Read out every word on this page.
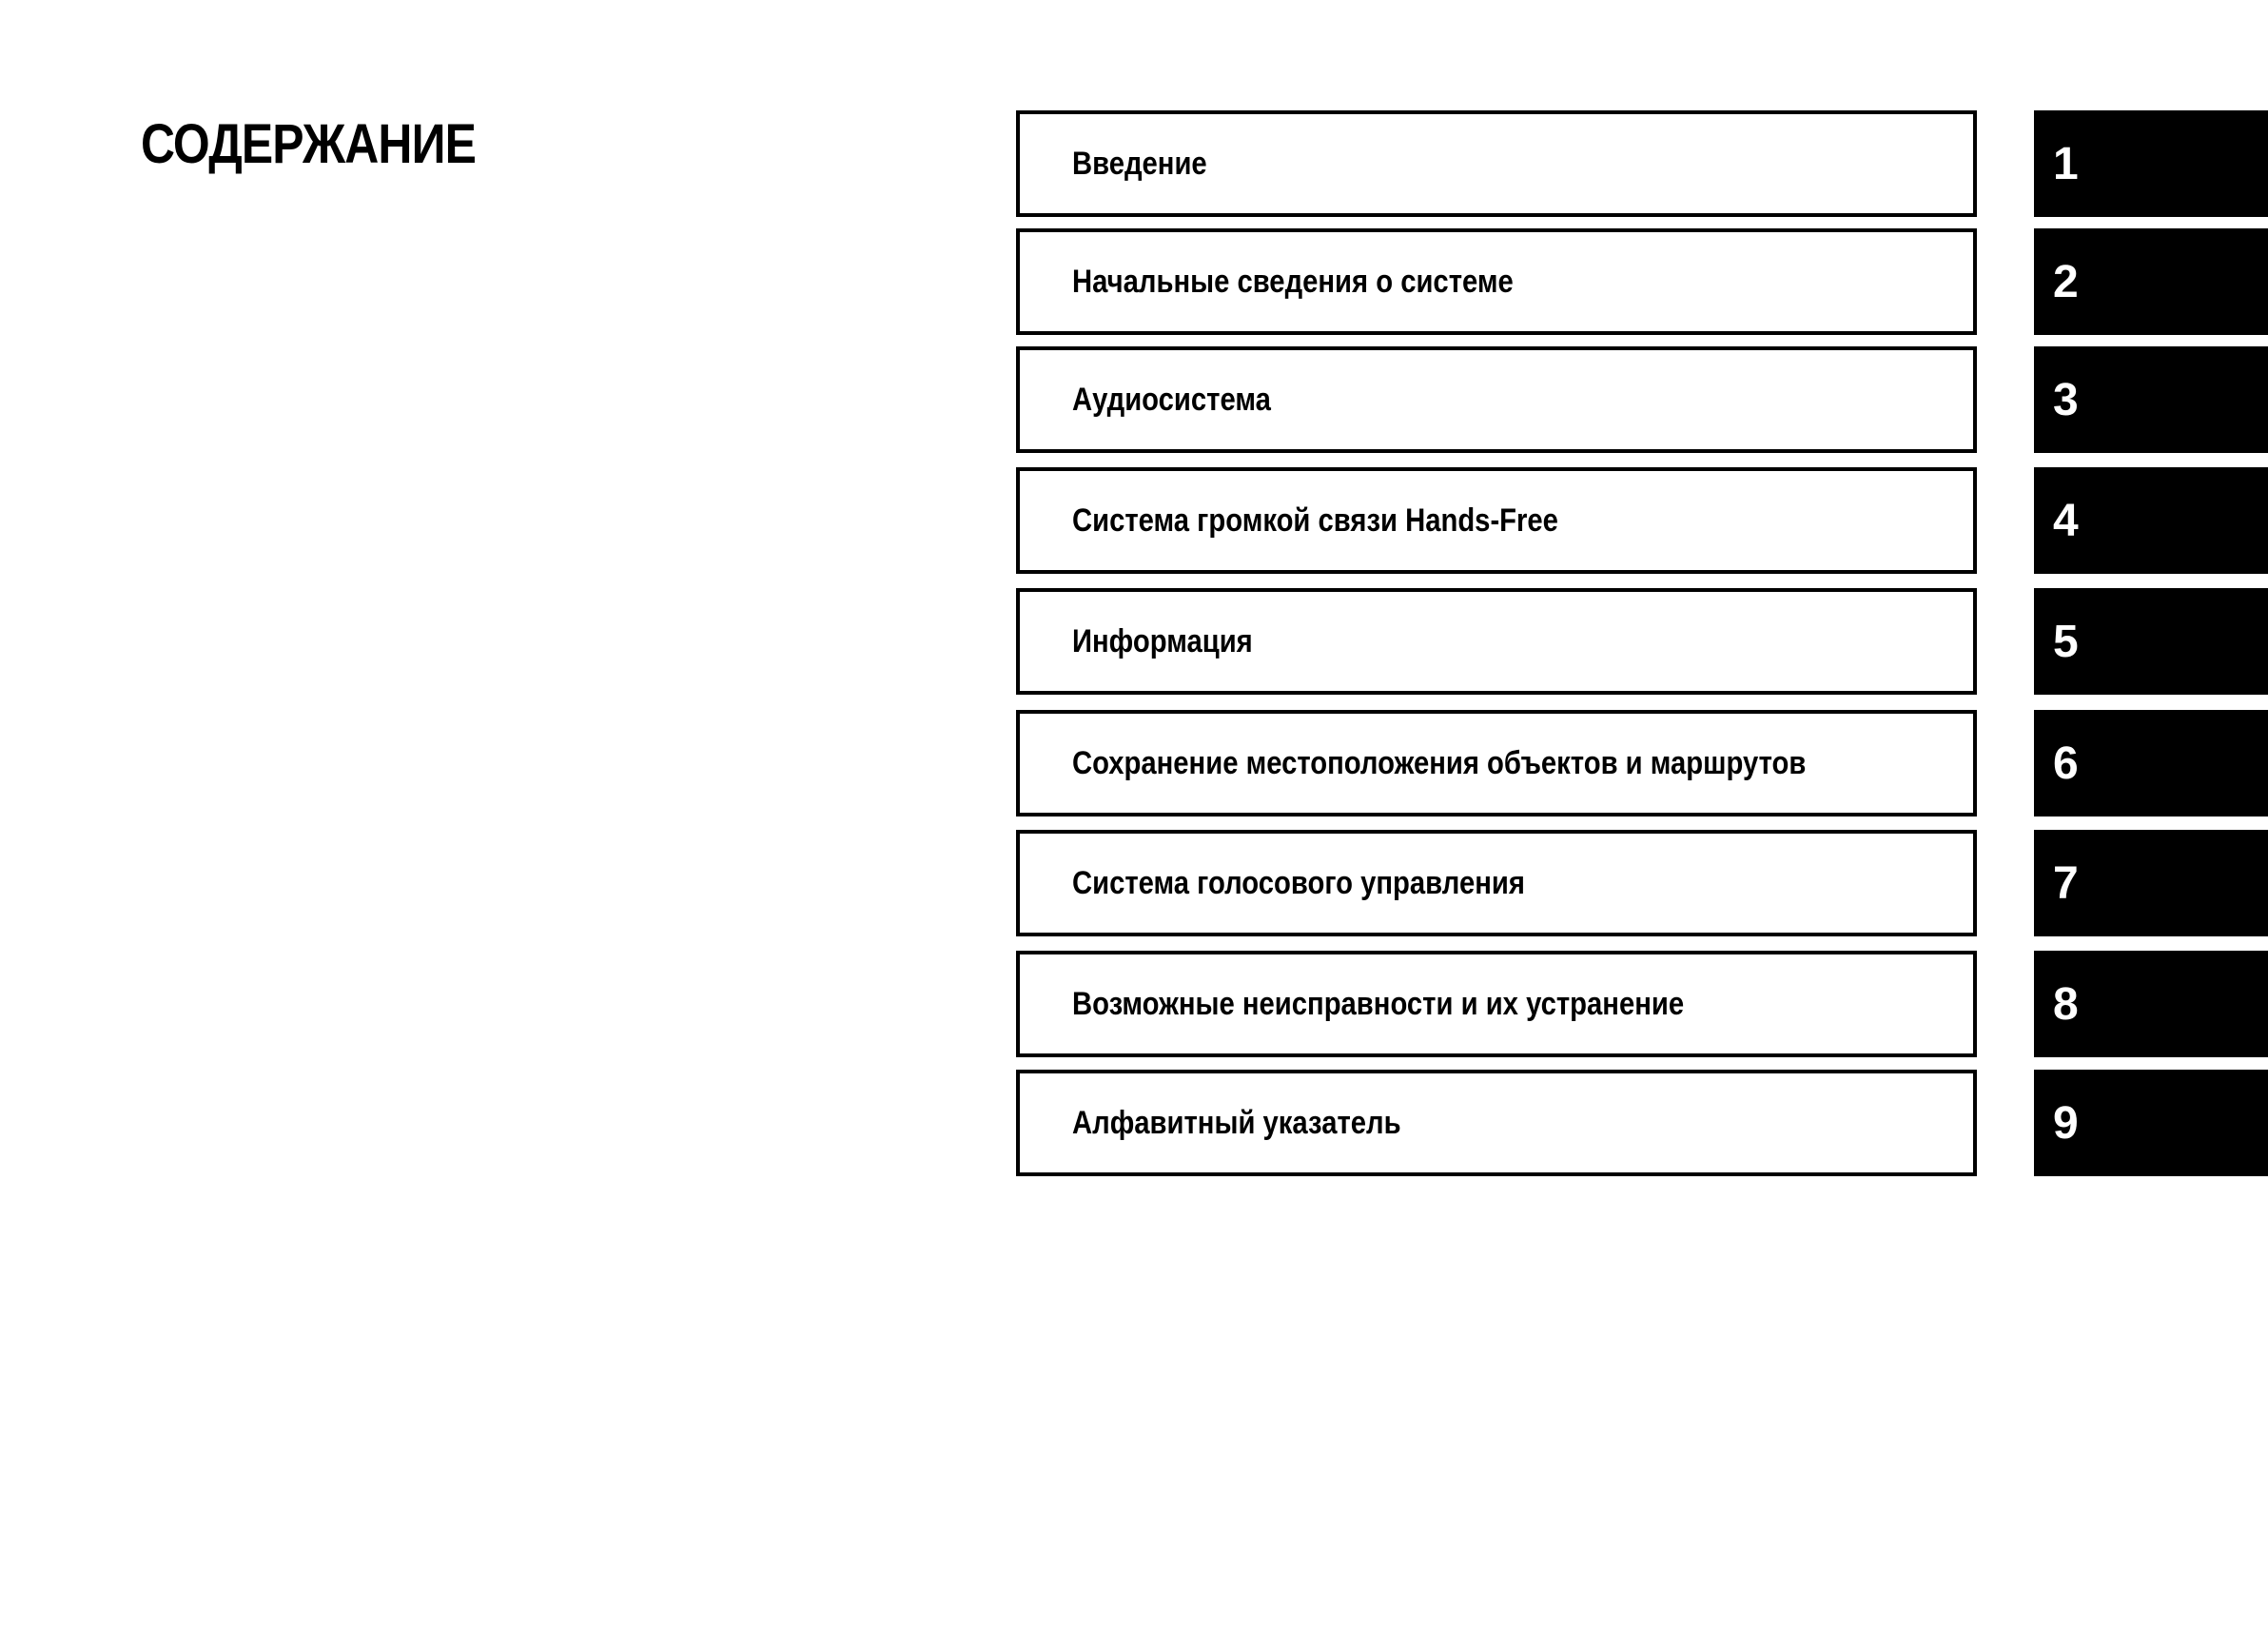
СОДЕРЖАНИЕ	Введение	1
Начальные сведения о системе	2
Аудиосистема	3
Система громкой связи Hands-Free	4
Информация	5
Сохранение местоположения объектов и маршрутов	6
Система голосового управления	7
Возможные неисправности и их устранение	8
Алфавитный указатель	9
